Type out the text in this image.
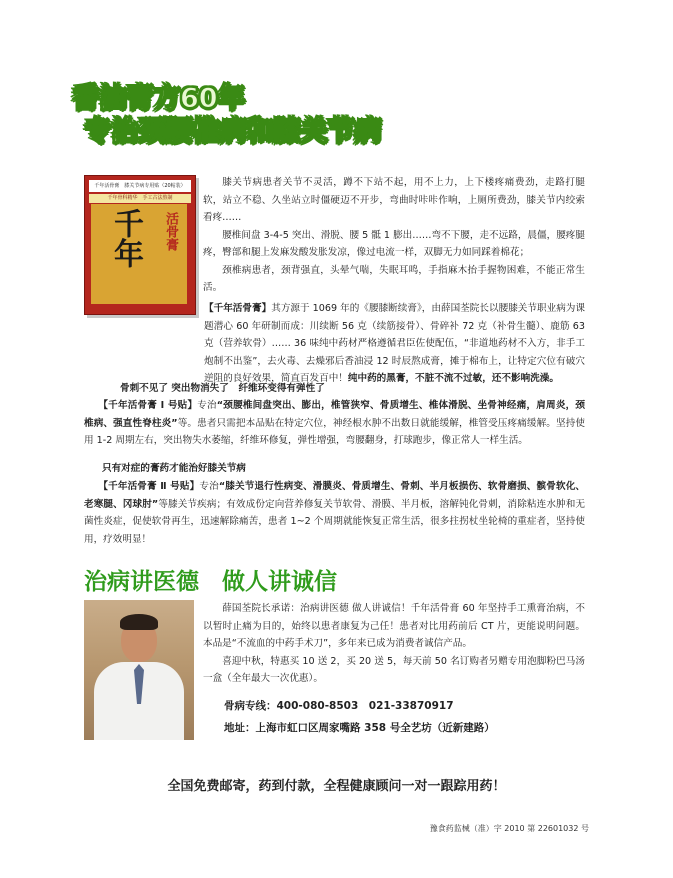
香油膏方60年
专治颈腰椎病和膝关节病
千年活骨膏　膝关节病专用贴（20帖装）
千年骨科精华　手工古法熬制
千年	活骨膏

膝关节病患者关节不灵活，蹲不下站不起，用不上力，上下楼疼痛费劲，走路打腿软，站立不稳、久坐站立时僵硬迈不开步，弯曲时咔咔作响，上厕所费劲，膝关节内绞索看疼……

腰椎间盘 3-4-5 突出、滑脱、腰 5 骶 1 膨出……弯不下腰，走不远路，晨僵，腰疼腿疼，臀部和腿上发麻发酸发胀发凉，像过电流一样，双脚无力如同踩着棉花；

颈椎病患者，颈背强直，头晕气喘，失眠耳鸣，手指麻木抬手握物困难，不能正常生活。

【千年活骨膏】其方源于 1069 年的《腰膝断续膏》，由薛国荃院长以腰膝关节职业病为课题潜心 60 年研制而成：川续断 56 克（续筋接骨）、骨碎补 72 克（补骨生髓）、鹿筋 63 克（营养软骨）…… 36 味纯中药材严格遵循君臣佐使配伍，“非道地药材不入方，非手工炮制不出鉴”，去火毒、去燥邪后香油浸 12 时辰熬成膏，摊于棉布上，让特定穴位有破穴逆阻的良好效果，简直百发百中！纯中药的黑膏，不脏不流不过敏，还不影响洗澡。

骨刺不见了 突出物消失了　纤维环变得有弹性了

【千年活骨膏 Ⅰ 号贴】专治“颈腰椎间盘突出、膨出，椎管狭窄、骨质增生、椎体滑脱、坐骨神经痛，肩周炎，颈椎病、强直性脊柱炎”等。患者只需把本品贴在特定穴位，神经根水肿不出数日就能缓解，椎管受压疼痛缓解。坚持使用 1-2 周期左右，突出物失水萎缩，纤维环修复，弹性增强，弯腰翻身，打球跑步，像正常人一样生活。

只有对症的膏药才能治好膝关节病

【千年活骨膏 Ⅱ 号贴】专治“膝关节退行性病变、滑膜炎、骨质增生、骨刺、半月板损伤、软骨磨损、髌骨软化、老寒腿、冈球肘”等膝关节疾病；有效成份定向营养修复关节软骨、滑膜、半月板，溶解钝化骨刺，消除粘连水肿和无菌性炎症，促使软骨再生，迅速解除痛苦，患者 1~2 个周期就能恢复正常生活，很多拄拐杖坐轮椅的重症者，坚持使用，疗效明显！

治病讲医德　做人讲诚信

薛国荃院长承诺：治病讲医德 做人讲诚信！千年活骨膏 60 年坚持手工熏膏治病，不以暂时止痛为目的，始终以患者康复为己任！患者对比用药前后 CT 片，更能说明问题。本品是“不流血的中药手术刀”，多年来已成为消费者诚信产品。

喜迎中秋，特惠买 10 送 2，买 20 送 5，每天前 50 名订购者另赠专用泡脚粉巴马汤一盒（全年最大一次优惠）。

骨病专线：400-080-8503　021-33870917
地址：上海市虹口区周家嘴路 358 号全艺坊（近新建路）
全国免费邮寄，药到付款，全程健康顾问一对一跟踪用药！
豫食药监械（准）字 2010 第 22601032 号
